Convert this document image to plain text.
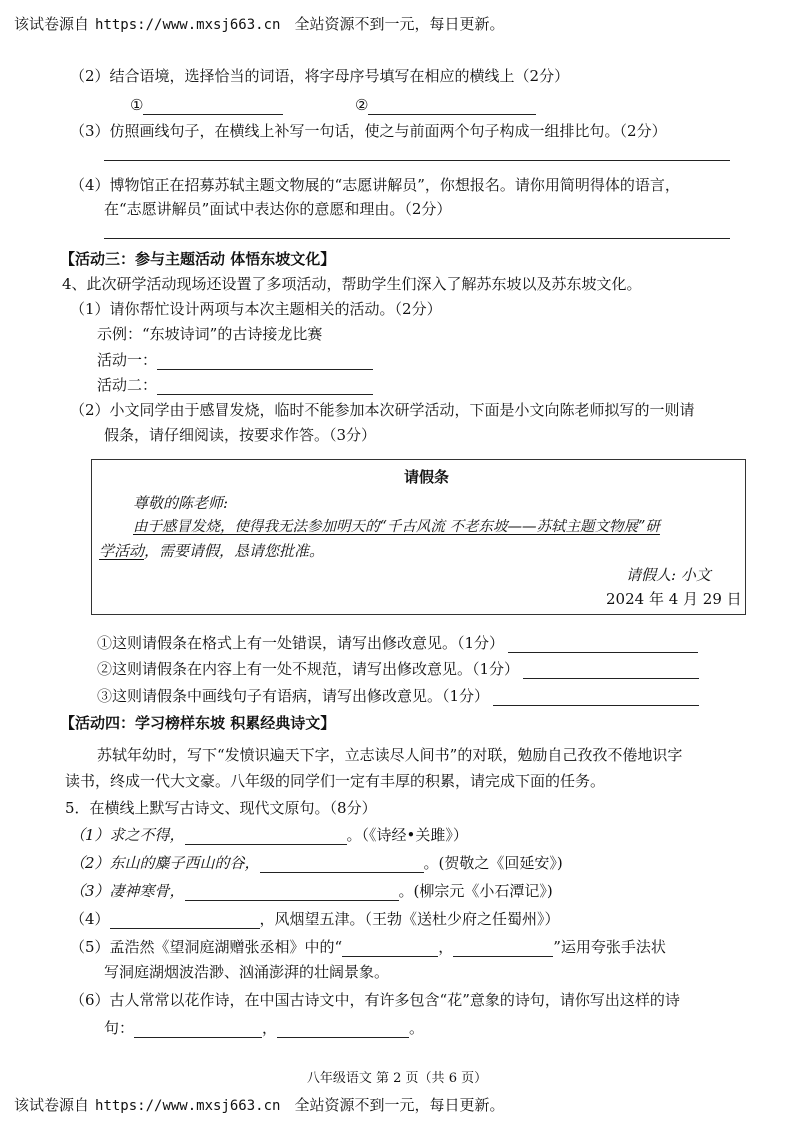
该试卷源自 https://www.mxsj663.cn 全站资源不到一元，每日更新。
（2）结合语境，选择恰当的词语，将字母序号填写在相应的横线上（2分）
①	②
（3）仿照画线句子，在横线上补写一句话，使之与前面两个句子构成一组排比句。（2分）
（4）博物馆正在招募苏轼主题文物展的“志愿讲解员”，你想报名。请你用简明得体的语言，
在“志愿讲解员”面试中表达你的意愿和理由。（2分）
【活动三：参与主题活动 体悟东坡文化】
4、此次研学活动现场还设置了多项活动，帮助学生们深入了解苏东坡以及苏东坡文化。
（1）请你帮忙设计两项与本次主题相关的活动。（2分）
示例：“东坡诗词”的古诗接龙比赛
活动一：
活动二：
（2）小文同学由于感冒发烧，临时不能参加本次研学活动，下面是小文向陈老师拟写的一则请
假条，请仔细阅读，按要求作答。（3分）
请假条
尊敬的陈老师:
由于感冒发烧，使得我无法参加明天的“千古风流 不老东坡——苏轼主题文物展”研
学活动，需要请假，恳请您批准。
请假人: 小文
2024 年 4 月 29 日
①这则请假条在格式上有一处错误，请写出修改意见。（1分）
②这则请假条在内容上有一处不规范，请写出修改意见。（1分）
③这则请假条中画线句子有语病，请写出修改意见。（1分）
【活动四：学习榜样东坡 积累经典诗文】
苏轼年幼时，写下“发愤识遍天下字，立志读尽人间书”的对联，勉励自己孜孜不倦地识字
读书，终成一代大文豪。八年级的同学们一定有丰厚的积累，请完成下面的任务。
5．在横线上默写古诗文、现代文原句。（8分）
（1）求之不得，	。（《诗经•关雎》）
（2）东山的麋子西山的谷，	。(贺敬之《回延安》)
（3）凄神寒骨，	。(柳宗元《小石潭记》)
（4）	，风烟望五津。（王勃《送杜少府之任蜀州》）
（5）孟浩然《望洞庭湖赠张丞相》中的“	，	”运用夸张手法状
写洞庭湖烟波浩渺、汹涌澎湃的壮阔景象。
（6）古人常常以花作诗，在中国古诗文中，有许多包含“花”意象的诗句，请你写出这样的诗
句：	，	。
八年级语文 第 2 页（共 6 页）
该试卷源自 https://www.mxsj663.cn 全站资源不到一元，每日更新。
